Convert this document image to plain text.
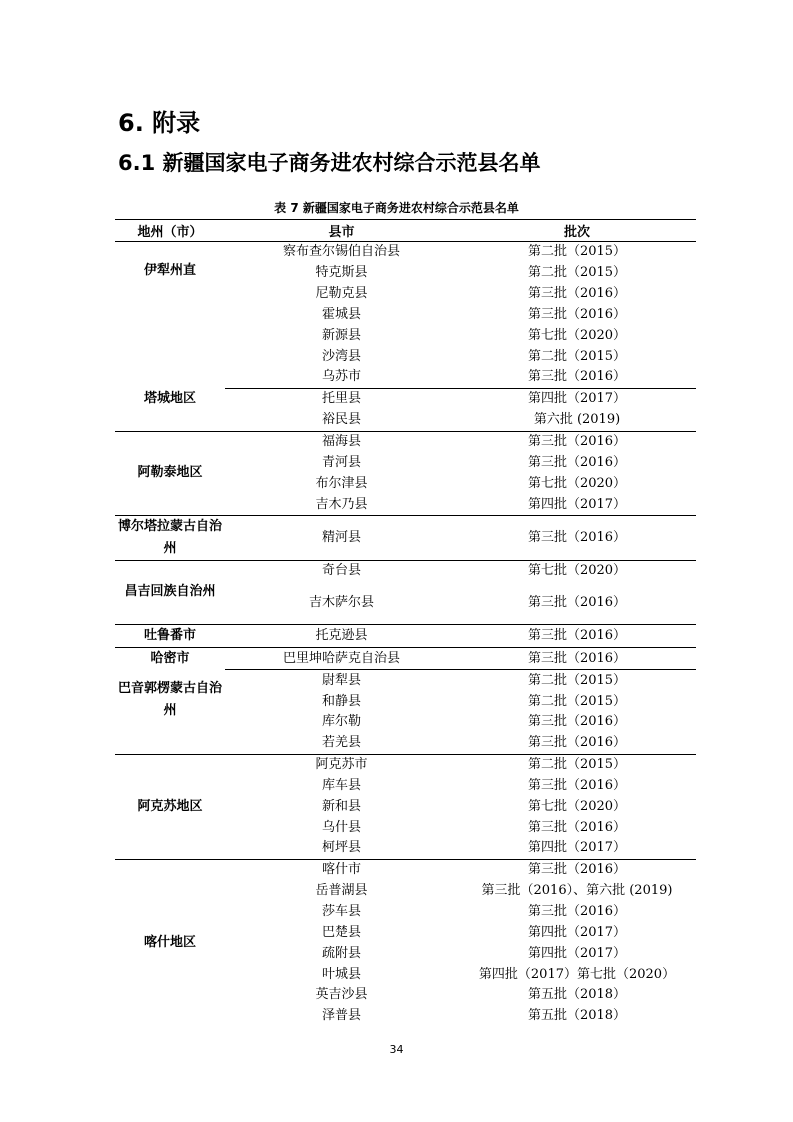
6. 附录
6.1 新疆国家电子商务进农村综合示范县名单
表 7 新疆国家电子商务进农村综合示范县名单
地州（市）	县市	批次
伊犁州直	察布查尔锡伯自治县	第二批（2015）
	特克斯县	第二批（2015）
	尼勒克县	第三批（2016）
	霍城县	第三批（2016）
	新源县	第七批（2020）
	沙湾县	第二批（2015）
	乌苏市	第三批（2016）
塔城地区	托里县	第四批（2017）
	裕民县	第六批 (2019)
阿勒泰地区	福海县	第三批（2016）
	青河县	第三批（2016）
	布尔津县	第七批（2020）
	吉木乃县	第四批（2017）
博尔塔拉蒙古自治州	精河县	第三批（2016）
昌吉回族自治州	奇台县	第七批（2020）
	吉木萨尔县	第三批（2016）
吐鲁番市	托克逊县	第三批（2016）
哈密市	巴里坤哈萨克自治县	第三批（2016）
巴音郭楞蒙古自治州	尉犁县	第二批（2015）
	和静县	第二批（2015）
	库尔勒	第三批（2016）
	若羌县	第三批（2016）
阿克苏地区	阿克苏市	第二批（2015）
	库车县	第三批（2016）
	新和县	第七批（2020）
	乌什县	第三批（2016）
	柯坪县	第四批（2017）
喀什地区	喀什市	第三批（2016）
	岳普湖县	第三批（2016）、第六批 (2019)
	莎车县	第三批（2016）
	巴楚县	第四批（2017）
	疏附县	第四批（2017）
	叶城县	第四批（2017）第七批（2020）
	英吉沙县	第五批（2018）
	泽普县	第五批（2018）
34
